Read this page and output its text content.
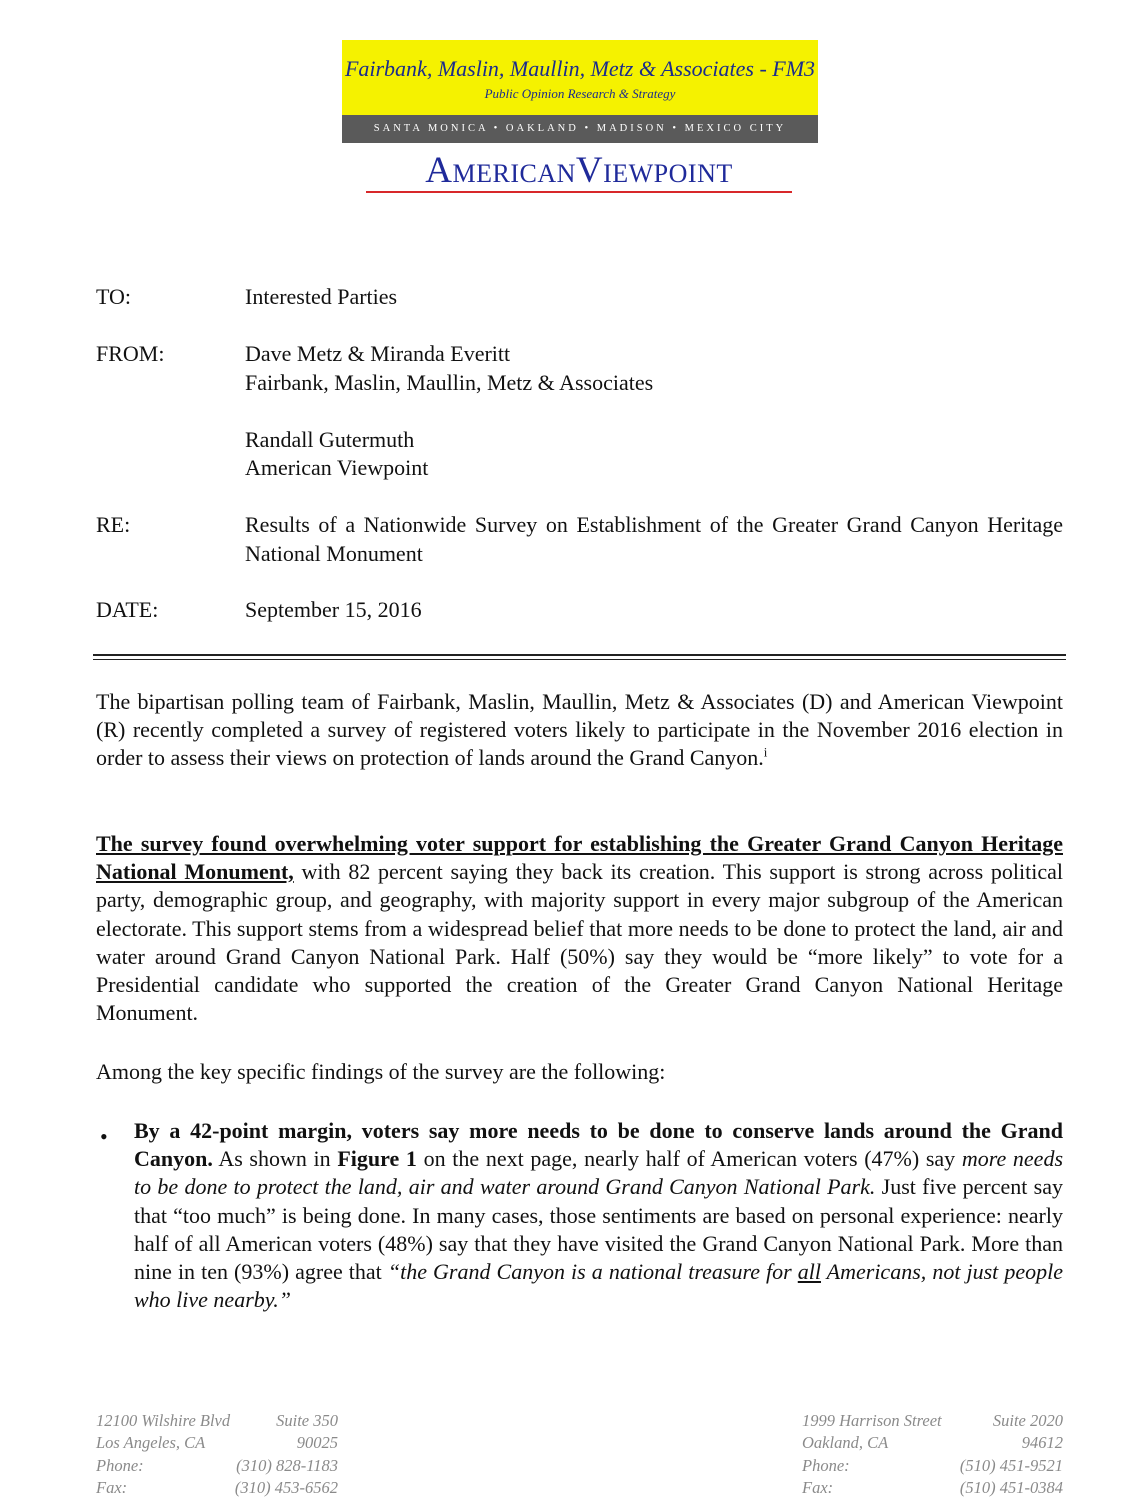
Fairbank, Maslin, Maullin, Metz & Associates - FM3
Public Opinion Research & Strategy
SANTA MONICA • OAKLAND • MADISON • MEXICO CITY
AmericanViewpoint
TO:	Interested Parties
FROM:	Dave Metz & Miranda Everitt
Fairbank, Maslin, Maullin, Metz & Associates
Randall Gutermuth
American Viewpoint
RE:	Results of a Nationwide Survey on Establishment of the Greater Grand Canyon Heritage National Monument
DATE:	September 15, 2016
The bipartisan polling team of Fairbank, Maslin, Maullin, Metz & Associates (D) and American Viewpoint (R) recently completed a survey of registered voters likely to participate in the November 2016 election in order to assess their views on protection of lands around the Grand Canyon.$^i$
The survey found overwhelming voter support for establishing the Greater Grand Canyon Heritage National Monument, with 82 percent saying they back its creation. This support is strong across political party, demographic group, and geography, with majority support in every major subgroup of the American electorate. This support stems from a widespread belief that more needs to be done to protect the land, air and water around Grand Canyon National Park. Half (50%) say they would be “more likely” to vote for a Presidential candidate who supported the creation of the Greater Grand Canyon National Heritage Monument.
Among the key specific findings of the survey are the following:
• By a 42-point margin, voters say more needs to be done to conserve lands around the Grand Canyon. As shown in Figure 1 on the next page, nearly half of American voters (47%) say more needs to be done to protect the land, air and water around Grand Canyon National Park. Just five percent say that “too much” is being done. In many cases, those sentiments are based on personal experience: nearly half of all American voters (48%) say that they have visited the Grand Canyon National Park. More than nine in ten (93%) agree that “the Grand Canyon is a national treasure for all Americans, not just people who live nearby.”
12100 Wilshire Blvd	Suite 350
Los Angeles, CA	90025
Phone:	(310) 828-1183
Fax:	(310) 453-6562
1999 Harrison Street	Suite 2020
Oakland, CA	94612
Phone:	(510) 451-9521
Fax:	(510) 451-0384
